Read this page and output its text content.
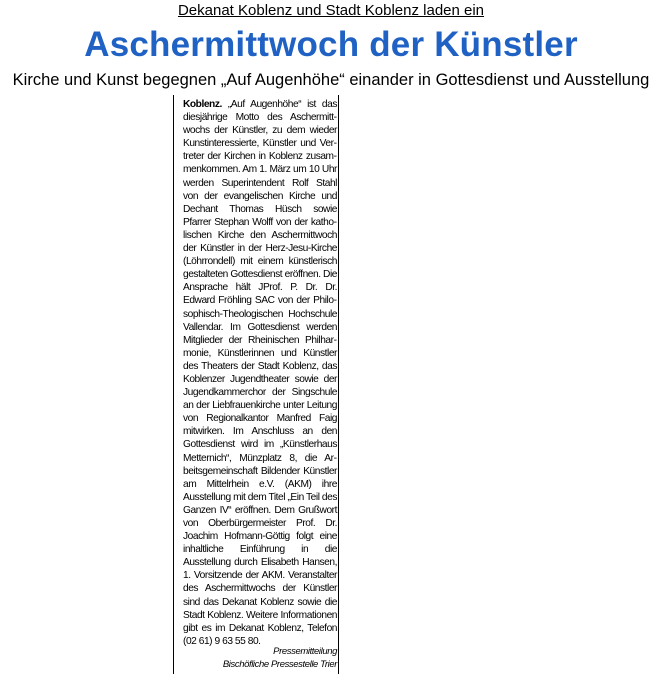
Dekanat Koblenz und Stadt Koblenz laden ein
Aschermittwoch der Künstler
Kirche und Kunst begegnen „Auf Augenhöhe“ einander in Gottesdienst und Ausstellung
Koblenz. „Auf Augenhöhe“ ist das diesjährige Motto des Aschermittwochs der Künstler, zu dem wieder Kunstinteressierte, Künstler und Vertreter der Kirchen in Koblenz zusammenkommen. Am 1. März um 10 Uhr werden Superintendent Rolf Stahl von der evangelischen Kirche und Dechant Thomas Hüsch sowie Pfarrer Stephan Wolff von der katholischen Kirche den Aschermittwoch der Künstler in der Herz-Jesu-Kirche (Löhrrondell) mit einem künstlerisch gestalteten Gottesdienst eröffnen. Die Ansprache hält JProf. P. Dr. Dr. Edward Fröhling SAC von der Philosophisch-Theologischen Hochschule Vallendar. Im Gottesdienst werden Mitglieder der Rheinischen Philharmonie, Künstlerinnen und Künstler des Theaters der Stadt Koblenz, das Koblenzer Jugendtheater sowie der Jugendkammerchor der Singschule an der Liebfrauenkirche unter Leitung von Regionalkantor Manfred Faig mitwirken. Im Anschluss an den Gottesdienst wird im „Künstlerhaus Metternich“, Münzplatz 8, die Arbeitsgemeinschaft Bildender Künstler am Mittelrhein e.V. (AKM) ihre Ausstellung mit dem Titel „Ein Teil des Ganzen IV“ eröffnen. Dem Grußwort von Oberbürgermeister Prof. Dr. Joachim Hofmann-Göttig folgt eine inhaltliche Einführung in die Ausstellung durch Elisabeth Hansen, 1. Vorsitzende der AKM. Veranstalter des Aschermittwochs der Künstler sind das Dekanat Koblenz sowie die Stadt Koblenz. Weitere Informationen gibt es im Dekanat Koblenz, Telefon (02 61) 9 63 55 80.
Pressemitteilung
Bischöfliche Pressestelle Trier
